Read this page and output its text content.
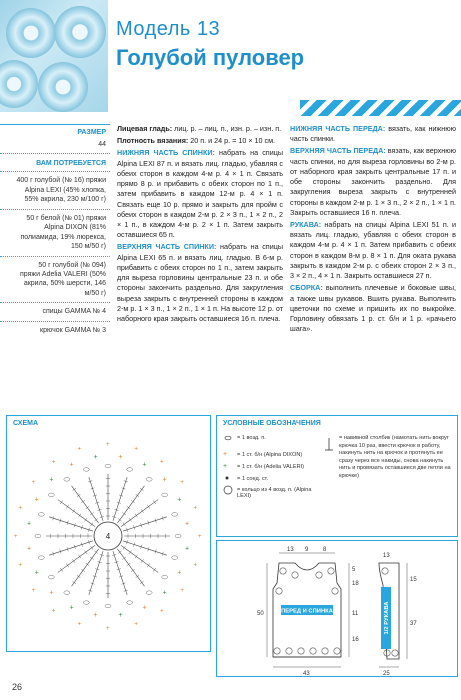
Модель 13
Голубой пуловер
РАЗМЕР
44
ВАМ ПОТРЕБУЕТСЯ
400 г голубой (№ 16) пряжи Alpina LEXI (45% хлопка, 55% акрила, 230 м/100 г)
50 г белой (№ 01) пряжи Alpina DIXON (81% полиамида, 19% люрекса, 150 м/50 г)
50 г голубой (№ 094) пряжи Adelia VALERI (50% акрила, 50% шерсти, 146 м/50 г)
спицы GAMMA № 4
крючок GAMMA № 3

Лицевая гладь: лиц. р. – лиц. п., изн. р. – изн. п.

Плотность вязания: 20 п. и 24 р. = 10 × 10 см.

НИЖНЯЯ ЧАСТЬ СПИНКИ: набрать на спицы Alpina LEXI 87 п. и вязать лиц. гладью, убавляя с обеих сторон в каждом 4-м р. 4 × 1 п. Связать прямо 8 р. и прибавить с обеих сторон по 1 п., затем прибавить в каждом 12-м р. 4 × 1 п. Связать еще 10 р. прямо и закрыть для пройм с обеих сторон в каждом 2-м р. 2 × 3 п., 1 × 2 п., 2 × 1 п., в каждом 4-м р. 2 × 1 п. Затем закрыть оставшиеся 65 п.

ВЕРХНЯЯ ЧАСТЬ СПИНКИ: набрать на спицы Alpina LEXI 65 п. и вязать лиц. гладью. В 6-м р. прибавить с обеих сторон по 1 п., затем закрыть для выреза горловины центральные 23 п. и обе стороны закончить раздельно. Для закругления выреза закрыть с внутренней стороны в каждом 2-м р. 1 × 3 п., 1 × 2 п., 1 × 1 п. На высоте 12 р. от наборного края закрыть оставшиеся 16 п. плеча.

НИЖНЯЯ ЧАСТЬ ПЕРЕДА: вязать, как нижнюю часть спинки.

ВЕРХНЯЯ ЧАСТЬ ПЕРЕДА: вязать, как верхнюю часть спинки, но для выреза горловины во 2-м р. от наборного края закрыть центральные 17 п. и обе стороны закончить раздельно. Для закругления выреза закрыть с внутренней стороны в каждом 2-м р. 1 × 3 п., 2 × 2 п., 1 × 1 п. Закрыть оставшиеся 16 п. плеча.

РУКАВА: набрать на спицы Alpina LEXI 51 п. и вязать лиц. гладью, убавляя с обеих сторон в каждом 4-м р. 4 × 1 п. Затем прибавить с обеих сторон в каждом 8-м р. 8 × 1 п. Для оката рукава закрыть в каждом 2-м р. с обеих сторон 2 × 3 п., 3 × 2 п., 4 × 1 п. Закрыть оставшиеся 27 п.

СБОРКА: выполнить плечевые и боковые швы, а также швы рукавов. Вшить рукава. Выполнить цветочки по схеме и пришить их по выкройке. Горловину обвязать 1 р. ст. б/н и 1 р. «рачьего шага».

СХЕМА
4
+
+
+
+
+ +
+
+
+
+
+
+
+
+
+
+
+
+
+
+
+
+
+
+
+
+
+
+
+
+
+
+
+
+
+
+
+
+
+
+
УСЛОВНЫЕ ОБОЗНАЧЕНИЯ
+
+
= 1 возд. п.
= 1 ст. б/н (Alpina DIXON)
= 1 ст. б/н (Adelia VALERI)
= 1 соед. ст.
= кольцо из 4 возд. п. (Alpina LEXI)
= навивной столбик (намотать нить вокруг крючка 10 раз, ввести крючок в работу, накинуть нить на крючок и протянуть ее сразу через все накиды, снова накинуть нить и провязать оставшиеся две петли на крючке)
13 9 8
13
5
18
50	11
16
43
15
37
25
ПЕРЕД И СПИНКА	1/2 РУКАВА
26
